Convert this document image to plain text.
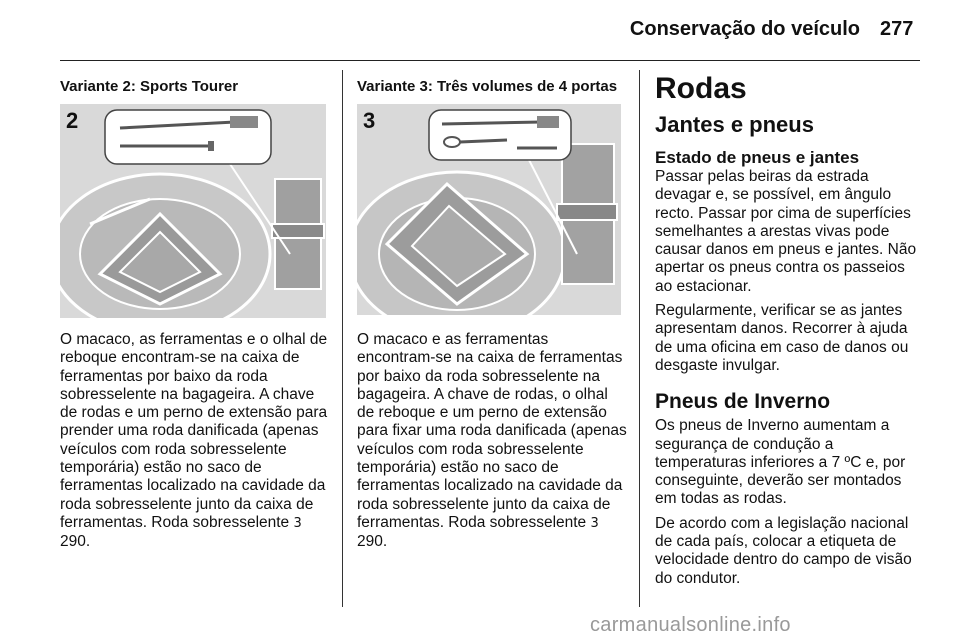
Conservação do veículo 277
Variante 2: Sports Tourer
2

O macaco, as ferramentas e o olhal de reboque encontram-se na caixa de ferramentas por baixo da roda sobresselente na bagageira. A chave de rodas e um perno de extensão para prender uma roda danificada (apenas veículos com roda sobresselente temporária) estão no saco de ferramentas localizado na cavidade da roda sobresselente junto da caixa de ferramentas. Roda sobresselente 3 290.

Variante 3: Três volumes de 4 portas
3

O macaco e as ferramentas encontram-se na caixa de ferramentas por baixo da roda sobresselente na bagageira. A chave de rodas, o olhal de reboque e um perno de extensão para fixar uma roda danificada (apenas veículos com roda sobresselente temporária) estão no saco de ferramentas localizado na cavidade da roda sobresselente junto da caixa de ferramentas. Roda sobresselente 3 290.

Rodas
Jantes e pneus
Estado de pneus e jantes

Passar pelas beiras da estrada devagar e, se possível, em ângulo recto. Passar por cima de superfícies semelhantes a arestas vivas pode causar danos em pneus e jantes. Não apertar os pneus contra os passeios ao estacionar.

Regularmente, verificar se as jantes apresentam danos. Recorrer à ajuda de uma oficina em caso de danos ou desgaste invulgar.

Pneus de Inverno

Os pneus de Inverno aumentam a segurança de condução a temperaturas inferiores a 7 ºC e, por conseguinte, deverão ser montados em todas as rodas.

De acordo com a legislação nacional de cada país, colocar a etiqueta de velocidade dentro do campo de visão do condutor.

carmanualsonline.info
